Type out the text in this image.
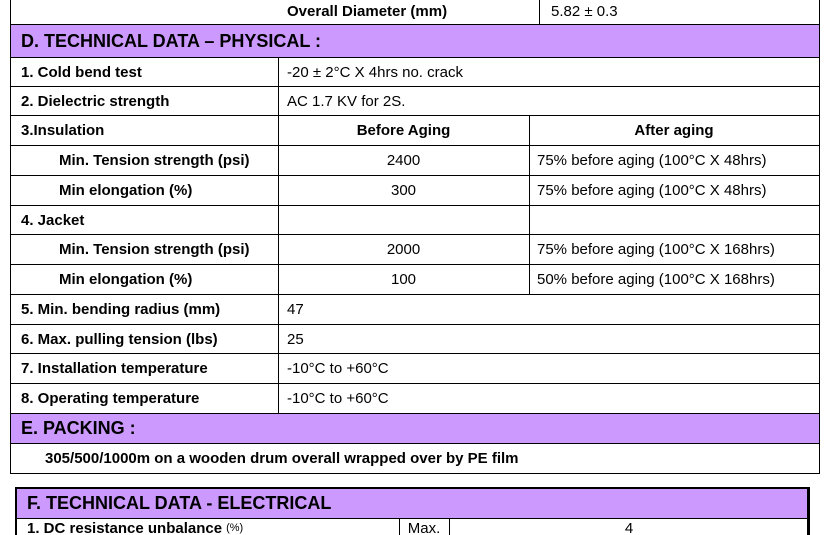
Overall Diameter (mm)	5.82 ± 0.3
D. TECHNICAL DATA – PHYSICAL :
1. Cold bend test	-20 ± 2°C X 4hrs no. crack
2. Dielectric strength	AC 1.7 KV for 2S.
3.Insulation	Before Aging	After aging
Min. Tension strength (psi)	2400	75% before aging (100°C X 48hrs)
Min elongation (%)	300	75% before aging (100°C X 48hrs)
4. Jacket
Min. Tension strength (psi)	2000	75% before aging (100°C X 168hrs)
Min elongation (%)	100	50% before aging (100°C X 168hrs)
5. Min. bending radius (mm)	47
6. Max. pulling tension (lbs)	25
7. Installation temperature	-10°C to +60°C
8. Operating temperature	-10°C to +60°C
E. PACKING :
305/500/1000m on a wooden drum overall wrapped over by PE film
F. TECHNICAL DATA - ELECTRICAL
1. DC resistance unbalance (%)	Max.	4
